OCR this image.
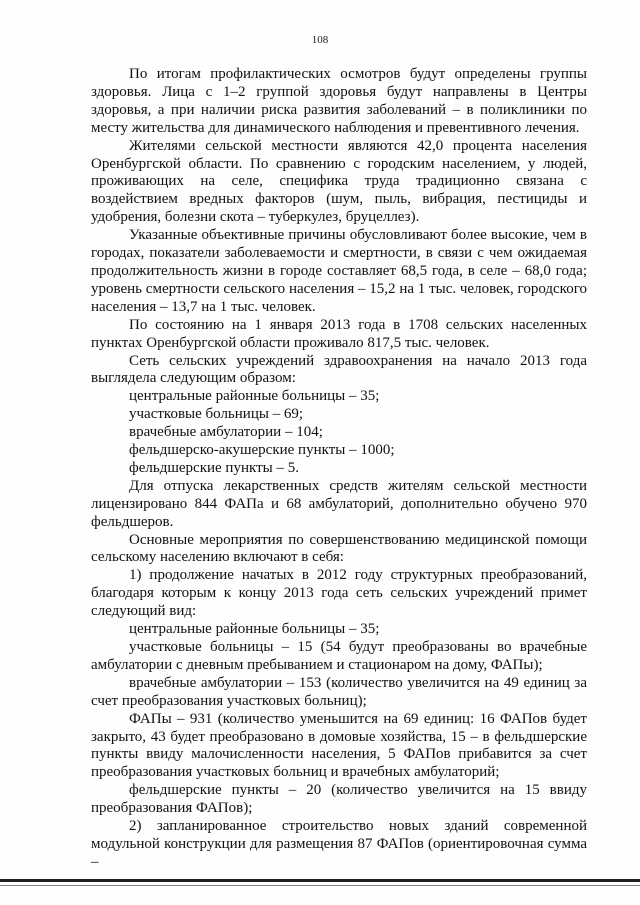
108

По итогам профилактических осмотров будут определены группы здоровья. Лица с 1–2 группой здоровья будут направлены в Центры здоровья, а при наличии риска развития заболеваний – в поликлиники по месту жительства для динамического наблюдения и превентивного лечения.

Жителями сельской местности являются 42,0 процента населения Оренбургской области. По сравнению с городским населением, у людей, проживающих на селе, специфика труда традиционно связана с воздействием вредных факторов (шум, пыль, вибрация, пестициды и удобрения, болезни скота – туберкулез, бруцеллез).

Указанные объективные причины обусловливают более высокие, чем в городах, показатели заболеваемости и смертности, в связи с чем ожидаемая продолжительность жизни в городе составляет 68,5 года, в селе – 68,0 года; уровень смертности сельского населения – 15,2 на 1 тыс. человек, городского населения – 13,7 на 1 тыс. человек.

По состоянию на 1 января 2013 года в 1708 сельских населенных пунктах Оренбургской области проживало 817,5 тыс. человек.

Сеть сельских учреждений здравоохранения на начало 2013 года выглядела следующим образом:

центральные районные больницы – 35;

участковые больницы – 69;

врачебные амбулатории – 104;

фельдшерско-акушерские пункты – 1000;

фельдшерские пункты – 5.

Для отпуска лекарственных средств жителям сельской местности лицензировано 844 ФАПа и 68 амбулаторий, дополнительно обучено 970 фельдшеров.

Основные мероприятия по совершенствованию медицинской помощи сельскому населению включают в себя:

1) продолжение начатых в 2012 году структурных преобразований, благодаря которым к концу 2013 года сеть сельских учреждений примет следующий вид:

центральные районные больницы – 35;

участковые больницы – 15 (54 будут преобразованы во врачебные амбулатории с дневным пребыванием и стационаром на дому, ФАПы);

врачебные амбулатории – 153 (количество увеличится на 49 единиц за счет преобразования участковых больниц);

ФАПы – 931 (количество уменьшится на 69 единиц: 16 ФАПов будет закрыто, 43 будет преобразовано в домовые хозяйства, 15 – в фельдшерские пункты ввиду малочисленности населения, 5 ФАПов прибавится за счет преобразования участковых больниц и врачебных амбулаторий;

фельдшерские пункты – 20 (количество увеличится на 15 ввиду преобразования ФАПов);

2) запланированное строительство новых зданий современной модульной конструкции для размещения 87 ФАПов (ориентировочная сумма –
